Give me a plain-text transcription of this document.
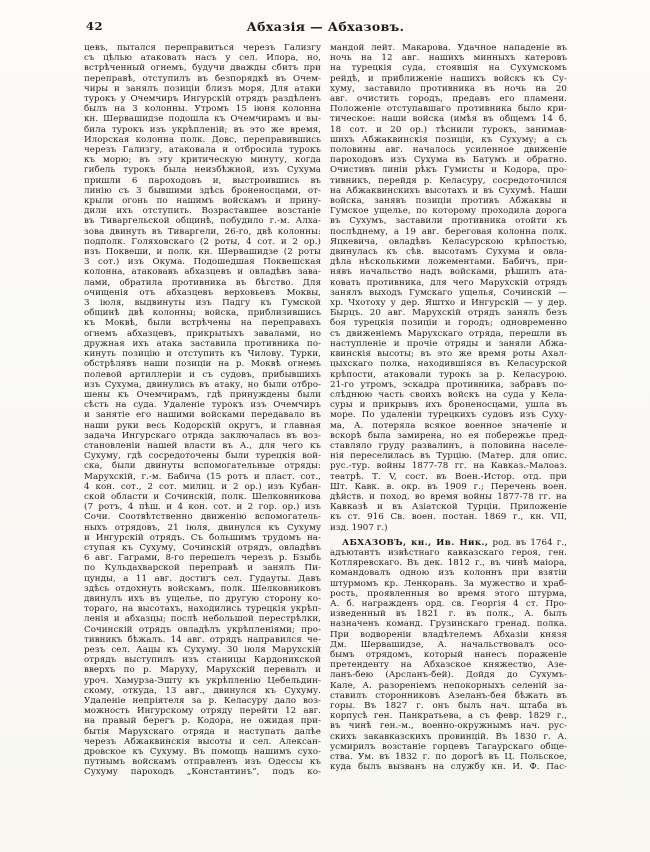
42	Абхазія — Абхазовъ.
цевъ, пытался переправиться черезъ Гализгу
съ цѣлью атаковать насъ у сел. Илора, но,
встрѣченный огнемъ, будучи дважды сбитъ при
переправѣ, отступилъ въ безпорядкѣ въ Очем-
чиры и занялъ позиціи близъ моря. Для атаки
турокъ у Очемчиръ Ингурскій отрядъ раздѣленъ
былъ на 3 колонны. Утромъ 15 іюня колонна
кн. Шервашидзе подошла къ Очемчирамъ и вы-
била турокъ изъ укрѣпленій; въ это же время,
Илорская колонна полк. Довс, переправившись
черезъ Гализгу, атаковала и отбросила турокъ
къ морю; въ эту критическую минуту, когда
гибель турокъ была неизбѣжной, изъ Сухума
пришли 6 пароходовъ и, выстроившись въ
линію съ 3 бывшими здѣсь броненосцами, от-
крыли огонь по нашимъ войскамъ и прину-
дили ихъ отступить. Возраставшее возстаніе
въ Тиваргельской общинѣ, побудило г.-м. Алха-
зова двинуть въ Тиваргели, 26-го, двѣ колонны:
подполк. Голяховскаго (2 роты, 4 сот. и 2 ор.)
изъ Поквеши, и полк. кн. Шервашидзе (2 роты
3 сот.) изъ Окума. Подошедшая Поквешская
колонна, атаковавъ абхазцевъ и овладѣвъ зава-
лами, обратила противника въ бѣгство. Для
очищенія отъ абхазцевъ верховьевъ Моквы,
3 іюля, выдвинуты изъ Падгу къ Гумской
общинѣ двѣ колонны; войска, приблизившись
къ Моквѣ, были встрѣчены на переправахъ
огнемъ абхазцевъ, прикрытыхъ завалами, но
дружная ихъ атака заставила противника по-
кинуть позицію и отступить къ Чилову. Турки,
обстрѣлявъ наши позиціи на р. Моквѣ огнемъ
полевой артиллеріи и съ судовъ, прибывшихъ
изъ Сухума, двинулись въ атаку, но были отбро-
шены къ Очемчирамъ, гдѣ принуждены были
сѣсть на суда. Удаленіе турокъ изъ Очемчиръ
и занятіе его нашими войсками передавало въ
наши руки весь Кодорскій округъ, и главная
задача Ингурскаго отряда заключалась въ воз-
становленіи нашей власти въ А., для чего къ
Сухуму, гдѣ сосредоточены были турецкія вой-
ска, были двинуты вспомогательные отряды:
Марухскій, г.-м. Бабича (15 ротъ и пласт. сот.,
4 кон. сот., 2 сот. милиц. и 2 ор.) изъ Кубан-
ской области и Сочинскій, полк. Шелковникова
(7 ротъ, 4 пѣш. и 4 кон. сот. и 2 гор. ор.) изъ
Сочи. Соотвѣтственно движенію вспомогатель-
ныхъ отрядовъ, 21 іюля, двинулся къ Сухуму
и Ингурскій отрядъ. Съ большимъ трудомъ на-
ступая къ Сухуму, Сочинскій отрядъ, овладѣвъ
6 авг. Гаграми, 8-го перешелъ черезъ р. Бзыбь
по Кульдахварской переправѣ и занялъ Пи-
цунды, а 11 авг. достигъ сел. Гудауты. Давъ
здѣсь отдохнуть войскамъ, полк. Шелковниковъ
двинулъ ихъ въ ущелье, по другую сторону ко-
тораго, на высотахъ, находились турецкія укрѣп-
ленія и абхазцы; послѣ небольшой перестрѣлки,
Сочинскій отрядъ овладѣлъ укрѣпленіями; про-
тивникъ бѣжалъ. 14 авг. отрядъ направился че-
резъ сел. Аацы къ Сухуму. 30 іюля Марухскій
отрядъ выступилъ изъ станицы Кардоникской
вверхъ по р. Маруху, Марухскій перевалъ и
уроч. Хамурза-Эшту къ укрѣпленію Цебельдин-
скому, откуда, 13 авг., двинулся къ Сухуму.
Удаленіе непріятеля за р. Келасуру дало воз-
можность Ингурскому отряду перейти 12 авг.
на правый берегъ р. Кодора, не ожидая при-
бытія Марухскаго отряда и наступать далѣе
черезъ Абжаквинскія высоты и сел. Алексан-
дровское къ Сухуму. Въ помощь нашимъ сухо-
путнымъ войскамъ отправленъ изъ Одессы къ
Сухуму пароходъ „Константинъ“, подъ ко-
мандой лейт. Макарова. Удачное нападеніе въ
ночь на 12 авг. нашихъ минныхъ катеровъ
на турецкія суда, стоявшія на Сухумскомъ
рейдѣ, и приближеніе нашихъ войскъ къ Су-
хуму, заставило противника въ ночь на 20
авг. очистить городъ, предавъ его пламени.
Положеніе отступавшаго противника было кри-
тическое: наши войска (имѣя въ общемъ 14 б.
18 сот. и 20 ор.) тѣснили турокъ, занимав-
шихъ Абжаквинскія позиціи, къ Сухуму; а съ
половины авг. началось усиленное движеніе
пароходовъ изъ Сухума въ Батумъ и обратно.
Очистивъ линіи рѣкъ Гумисты и Кодора, про-
тивникъ, перейдя р. Келасуру, сосредоточился
на Абжаквинскихъ высотахъ и въ Сухумѣ. Наши
войска, занявъ позиціи противъ Абжаквы и
Гумское ущелье, по которому проходила дорога
въ Сухумъ, заставили противника отойти къ
послѣднему, а 19 авг. береговая колонна полк.
Яцкевича, овладѣвъ Келасурскою крѣпостью,
двинулась къ сѣв. высотамъ Сухума и овла-
дѣла нѣсколькими ложементами. Бабичъ, при-
нявъ начальство надъ войсками, рѣшилъ ата-
ковать противника, для чего Марухскій отрядъ
занялъ выходъ Гумскаго ущелья, Сочинскій —
хр. Чхотоху у дер. Яштхо и Ингурскій — у дер.
Бырцъ. 20 авг. Марухскій отрядъ занялъ безъ
боя турецкія позиціи и городъ; одновременно
съ движеніемъ Марухскаго отряда, перешли въ
наступленіе и прочіе отряды и заняли Абжа-
квинскія высоты; въ это же время роты Ахал-
цыхскаго полка, находившіяся въ Келасурской
крѣпости, атаковали турокъ за р. Келасурою.
21-го утромъ, эскадра противника, забравъ по-
слѣднюю часть своихъ войскъ на суда у Кела-
суры и прикрывъ ихъ броненосцами, ушла въ
море. По удаленіи турецкихъ судовъ изъ Суху-
ма, А. потеряла всякое военное значеніе и
вскорѣ была замирена, но ея побережье пред-
ставляло груду развалинъ, а половина населе-
нія переселилась въ Турцію. (Матер. для опис.
рус.-тур. войны 1877-78 гг. на Кавказ.-Малоаз.
театрѣ. Т. V, сост. въ Воен.-Истор. отд. при
Шт. Кавк. в. окр. въ 1909 г.; Перечень воен.
дѣйств. и поход. во время войны 1877-78 гг. на
Кавказѣ и въ Азіатской Турціи. Приложеніе
къ ст. 916 Св. воен. постан. 1869 г., кн. VII,
изд. 1907 г.)
АБХАЗОВЪ, кн., Ив. Ник., род. въ 1764 г.,
адъютантъ извѣстнаго кавказскаго героя, ген.
Котляревскаго. Въ дек. 1812 г., въ чинѣ маіора,
командовалъ одною изъ колоннъ при взятіи
штурмомъ кр. Ленкорань. За мужество и храб-
рость, проявленныя во время этого штурма,
А. б. награжденъ орд. св. Георгія 4 ст. Про-
изведенный въ 1821 г. въ полк., А. былъ
назначенъ команд. Грузинскаго гренад. полка.
При водвореніи владѣтелемъ Абхазіи князя
Дм. Шервашидзе, А. начальствовалъ осо-
бымъ отрядомъ, который нанесъ пораженіе
претенденту на Абхазское княжество, Азе-
ланъ-бею (Арсланъ-бей). Дойдя до Сухумъ-
Кале, А. разореніемъ непокорныхъ селеній за-
ставилъ сторонниковъ Азеланъ-бея бѣжать въ
горы. Въ 1827 г. онъ былъ нач. штаба въ
корпусѣ ген. Панкратьева, а съ февр. 1829 г.,
въ чинѣ ген.-м., военно-окружнымъ нач. рус-
скихъ закавказскихъ провинцій. Въ 1830 г. А.
усмирилъ возстаніе горцевъ Тагаурскаго обще-
ства. Ум. въ 1832 г. по дорогѣ въ Ц. Польское,
куда былъ вызванъ на службу кн. И. Ф. Пас-
